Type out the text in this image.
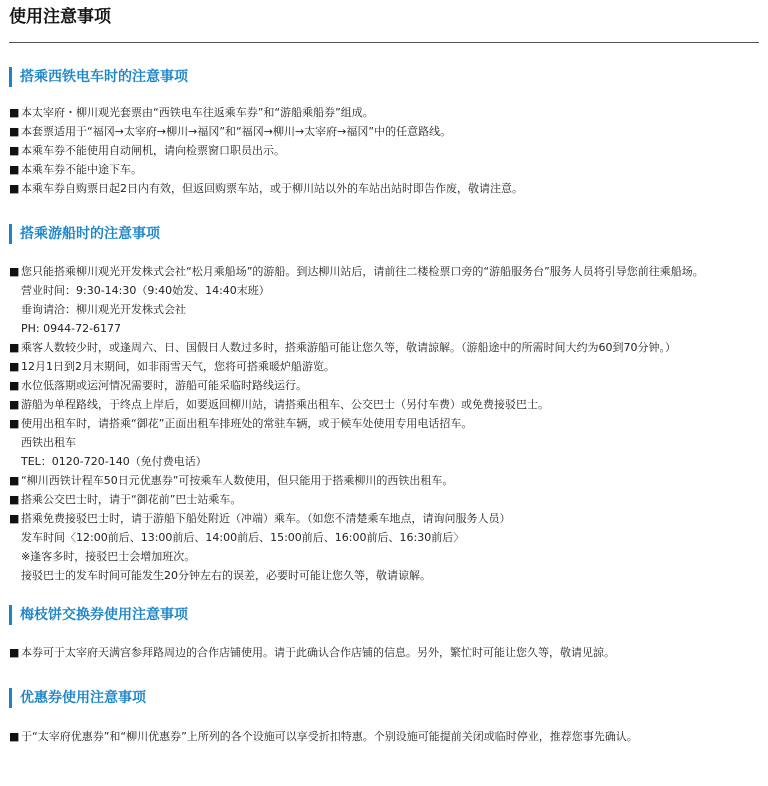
使用注意事项
搭乘西铁电车时的注意事项
■ 本太宰府・柳川观光套票由“西铁电车往返乘车券”和“游船乘船券”组成。
■ 本套票适用于“福冈→太宰府→柳川→福冈”和“福冈→柳川→太宰府→福冈”中的任意路线。
■ 本乘车券不能使用自动闸机，请向检票窗口职员出示。
■ 本乘车券不能中途下车。
■ 本乘车券自购票日起2日内有效，但返回购票车站，或于柳川站以外的车站出站时即告作废，敬请注意。
搭乘游船时的注意事项
■ 您只能搭乘柳川观光开发株式会社“松月乘船场”的游船。到达柳川站后，请前往二楼检票口旁的“游船服务台”服务人员将引导您前往乘船场。
营业时间：9:30-14:30（9:40始发、14:40末班）
垂询请洽：柳川观光开发株式会社
PH: 0944-72-6177
■ 乘客人数较少时，或逢周六、日、国假日人数过多时，搭乘游船可能让您久等，敬请諒解。（游船途中的所需时间大约为60到70分钟。）
■ 12月1日到2月末期间，如非雨雪天气，您将可搭乘暖炉船游览。
■ 水位低落期或运河情况需要时，游船可能采临时路线运行。
■ 游船为单程路线，于终点上岸后，如要返回柳川站，请搭乘出租车、公交巴士（另付车费）或免费接驳巴士。
■ 使用出租车时，请搭乘“御花”正面出租车排班处的常驻车辆，或于候车处使用专用电话招车。
西铁出租车
TEL：0120-720-140（免付费电话）
■ “柳川西铁计程车50日元优惠券”可按乘车人数使用，但只能用于搭乘柳川的西铁出租车。
■ 搭乘公交巴士时，请于“御花前”巴士站乘车。
■ 搭乘免费接驳巴士时，请于游船下船处附近（冲端）乘车。（如您不清楚乘车地点，请询问服务人员）
发车时间〈12:00前后、13:00前后、14:00前后、15:00前后、16:00前后、16:30前后〉
※逢客多时，接驳巴士会增加班次。
接驳巴士的发车时间可能发生20分钟左右的误差，必要时可能让您久等，敬请谅解。
梅枝饼交换券使用注意事项
■ 本券可于太宰府天满宫参拜路周边的合作店铺使用。请于此确认合作店铺的信息。另外，繁忙时可能让您久等，敬请见諒。
优惠券使用注意事项
■ 于“太宰府优惠券”和“柳川优惠券”上所列的各个设施可以享受折扣特惠。个别设施可能提前关闭或临时停业，推荐您事先确认。
